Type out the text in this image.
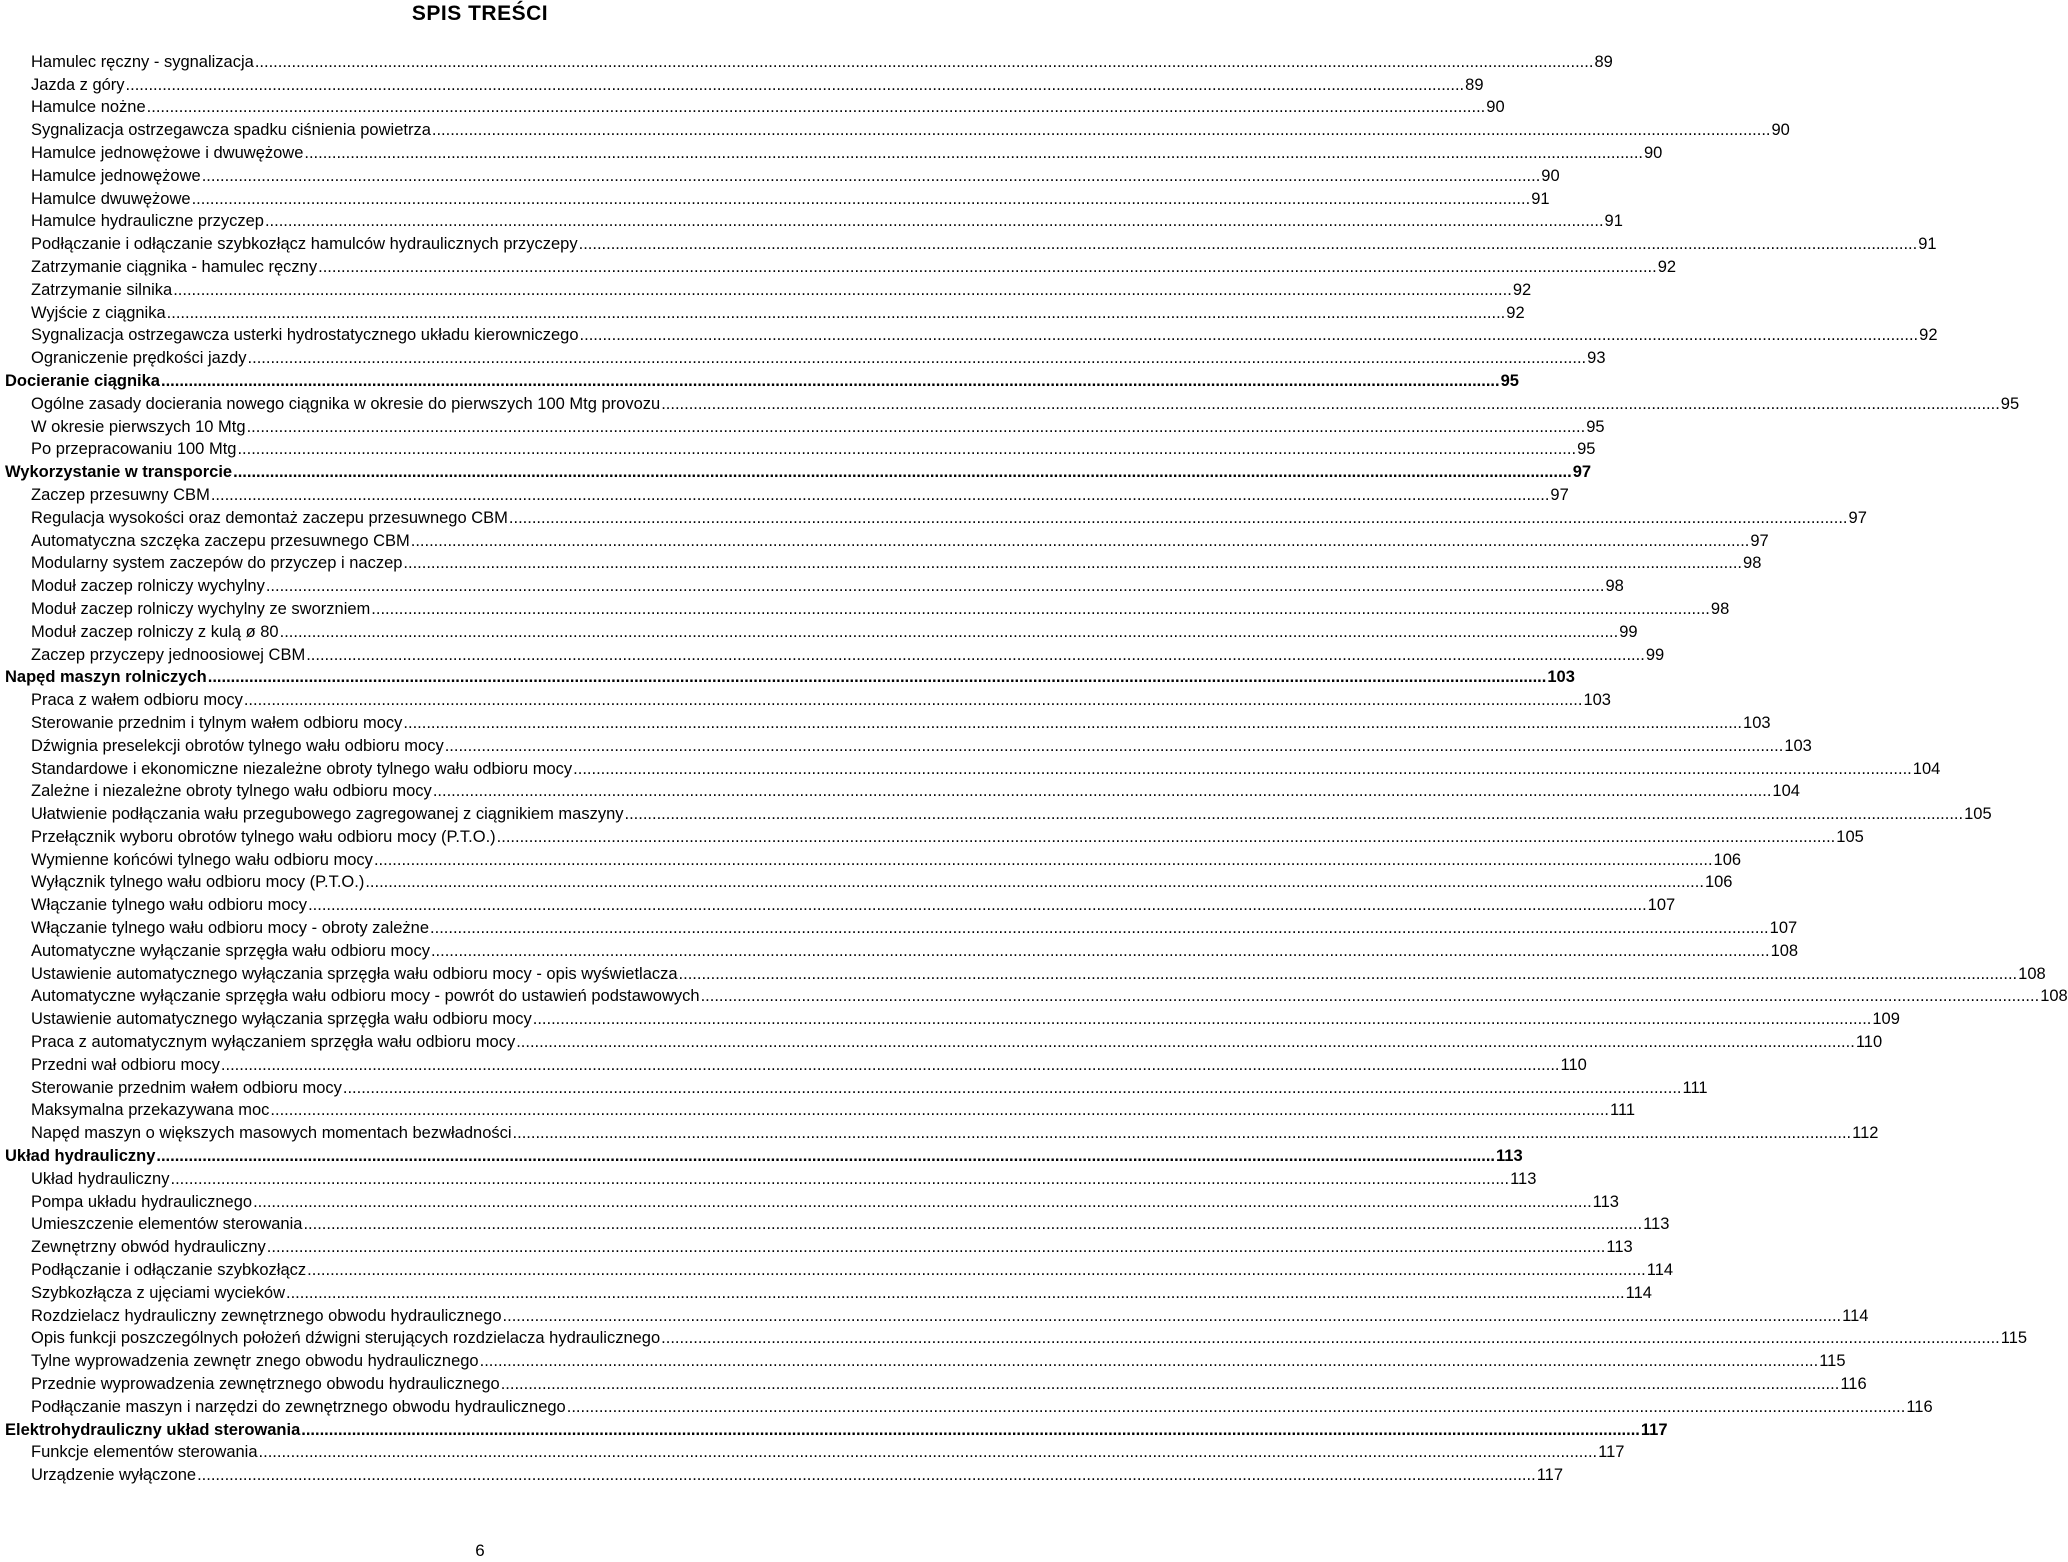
SPIS TREŚCI
Hamulec ręczny - sygnalizacja .....	89
Jazda z góry .....	89
Hamulce nożne .....	90
Sygnalizacja ostrzegawcza spadku ciśnienia powietrza .....	90
Hamulce jednowężowe i dwuwężowe .....	90
Hamulce jednowężowe .....	90
Hamulce dwuwężowe .....	91
Hamulce hydrauliczne przyczep .....	91
Podłączanie i odłączanie szybkozłącz hamulców hydraulicznych przyczepy .....	91
Zatrzymanie ciągnika - hamulec ręczny .....	92
Zatrzymanie silnika .....	92
Wyjście z ciągnika .....	92
Sygnalizacja ostrzegawcza usterki hydrostatycznego układu kierowniczego .....	92
Ograniczenie prędkości jazdy .....	93
Docieranie ciągnika .....	95
Ogólne zasady docierania nowego ciągnika w okresie do pierwszych 100 Mtg provozu .....	95
W okresie pierwszych 10 Mtg .....	95
Po przepracowaniu 100 Mtg .....	95
Wykorzystanie w transporcie .....	97
Zaczep przesuwny CBM .....	97
Regulacja wysokości oraz demontaż zaczepu przesuwnego CBM .....	97
Automatyczna szczęka zaczepu przesuwnego CBM .....	97
Modularny system zaczepów do przyczep i naczep .....	98
Moduł zaczep rolniczy wychylny .....	98
Moduł zaczep rolniczy wychylny ze sworzniem .....	98
Moduł zaczep rolniczy z kulą ø 80 .....	99
Zaczep przyczepy jednoosiowej CBM .....	99
Napęd maszyn rolniczych .....	103
Praca z wałem odbioru mocy .....	103
Sterowanie przednim i tylnym wałem odbioru mocy .....	103
Dźwignia preselekcji obrotów tylnego wału odbioru mocy .....	103
Standardowe i ekonomiczne niezależne obroty tylnego wału odbioru mocy .....	104
Zależne i niezależne obroty tylnego wału odbioru mocy .....	104
Ułatwienie podłączania wału przegubowego zagregowanej z ciągnikiem maszyny .....	105
Przełącznik wyboru obrotów tylnego wału odbioru mocy (P.T.O.) .....	105
Wymienne końcówi tylnego wału odbioru mocy .....	106
Wyłącznik tylnego wału odbioru mocy (P.T.O.) .....	106
Włączanie tylnego wału odbioru mocy .....	107
Włączanie tylnego wału odbioru mocy - obroty zależne .....	107
Automatyczne wyłączanie sprzęgła wału odbioru mocy .....	108
Ustawienie automatycznego wyłączania sprzęgła wału odbioru mocy - opis wyświetlacza .....	108
Automatyczne wyłączanie sprzęgła wału odbioru mocy - powrót do ustawień podstawowych .....	108
Ustawienie automatycznego wyłączania sprzęgła wału odbioru mocy .....	109
Praca z automatycznym wyłączaniem sprzęgła wału odbioru mocy .....	110
Przedni wał odbioru mocy .....	110
Sterowanie przednim wałem odbioru mocy .....	111
Maksymalna przekazywana moc .....	111
Napęd maszyn o większych masowych momentach bezwładności .....	112
Układ hydrauliczny .....	113
Układ hydrauliczny .....	113
Pompa układu hydraulicznego .....	113
Umieszczenie elementów sterowania .....	113
Zewnętrzny obwód hydrauliczny .....	113
Podłączanie i odłączanie szybkozłącz .....	114
Szybkozłącza z ujęciami wycieków .....	114
Rozdzielacz hydrauliczny zewnętrznego obwodu hydraulicznego .....	114
Opis funkcji poszczególnych położeń dźwigni sterujących rozdzielacza hydraulicznego .....	115
Tylne wyprowadzenia zewnętr znego obwodu hydraulicznego .....	115
Przednie wyprowadzenia zewnętrznego obwodu hydraulicznego .....	116
Podłączanie maszyn i narzędzi do zewnętrznego obwodu hydraulicznego .....	116
Elektrohydrauliczny układ sterowania .....	117
Funkcje elementów sterowania .....	117
Urządzenie wyłączone .....	117
6
